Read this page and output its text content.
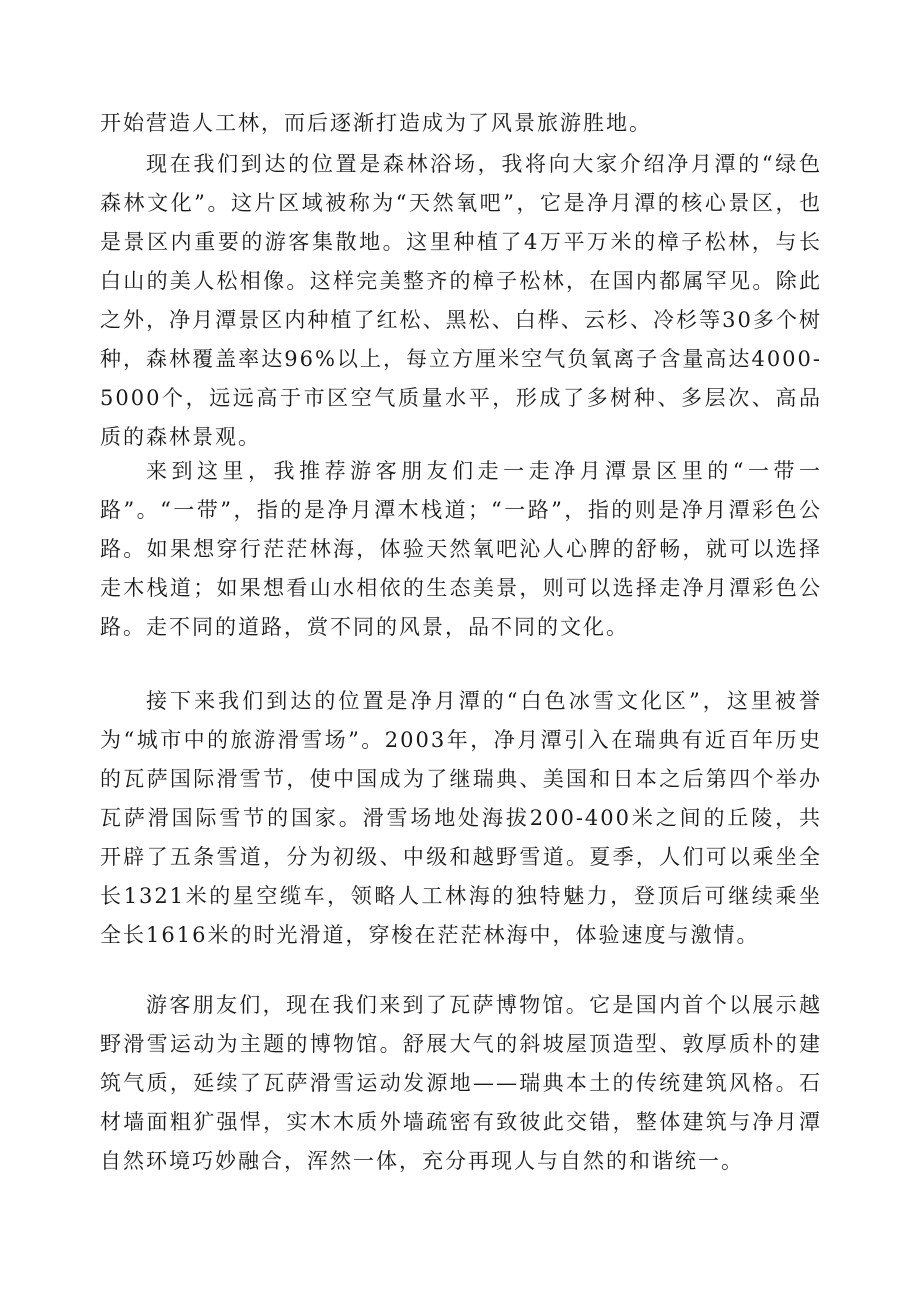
开始营造人工林，而后逐渐打造成为了风景旅游胜地。

现在我们到达的位置是森林浴场，我将向大家介绍净月潭的“绿色森林文化”。这片区域被称为“天然氧吧”，它是净月潭的核心景区，也是景区内重要的游客集散地。这里种植了4万平万米的樟子松林，与长白山的美人松相像。这样完美整齐的樟子松林，在国内都属罕见。除此之外，净月潭景区内种植了红松、黑松、白桦、云杉、冷杉等30多个树种，森林覆盖率达96%以上，每立方厘米空气负氧离子含量高达4000-5000个，远远高于市区空气质量水平，形成了多树种、多层次、高品质的森林景观。

来到这里，我推荐游客朋友们走一走净月潭景区里的“一带一路”。“一带”，指的是净月潭木栈道；“一路”，指的则是净月潭彩色公路。如果想穿行茫茫林海，体验天然氧吧沁人心脾的舒畅，就可以选择走木栈道；如果想看山水相依的生态美景，则可以选择走净月潭彩色公路。走不同的道路，赏不同的风景，品不同的文化。

接下来我们到达的位置是净月潭的“白色冰雪文化区”，这里被誉为“城市中的旅游滑雪场”。2003年，净月潭引入在瑞典有近百年历史的瓦萨国际滑雪节，使中国成为了继瑞典、美国和日本之后第四个举办瓦萨滑国际雪节的国家。滑雪场地处海拔200-400米之间的丘陵，共开辟了五条雪道，分为初级、中级和越野雪道。夏季，人们可以乘坐全长1321米的星空缆车，领略人工林海的独特魅力，登顶后可继续乘坐全长1616米的时光滑道，穿梭在茫茫林海中，体验速度与激情。

游客朋友们，现在我们来到了瓦萨博物馆。它是国内首个以展示越野滑雪运动为主题的博物馆。舒展大气的斜坡屋顶造型、敦厚质朴的建筑气质，延续了瓦萨滑雪运动发源地——瑞典本土的传统建筑风格。石材墙面粗犷强悍，实木木质外墙疏密有致彼此交错，整体建筑与净月潭自然环境巧妙融合，浑然一体，充分再现人与自然的和谐统一。
